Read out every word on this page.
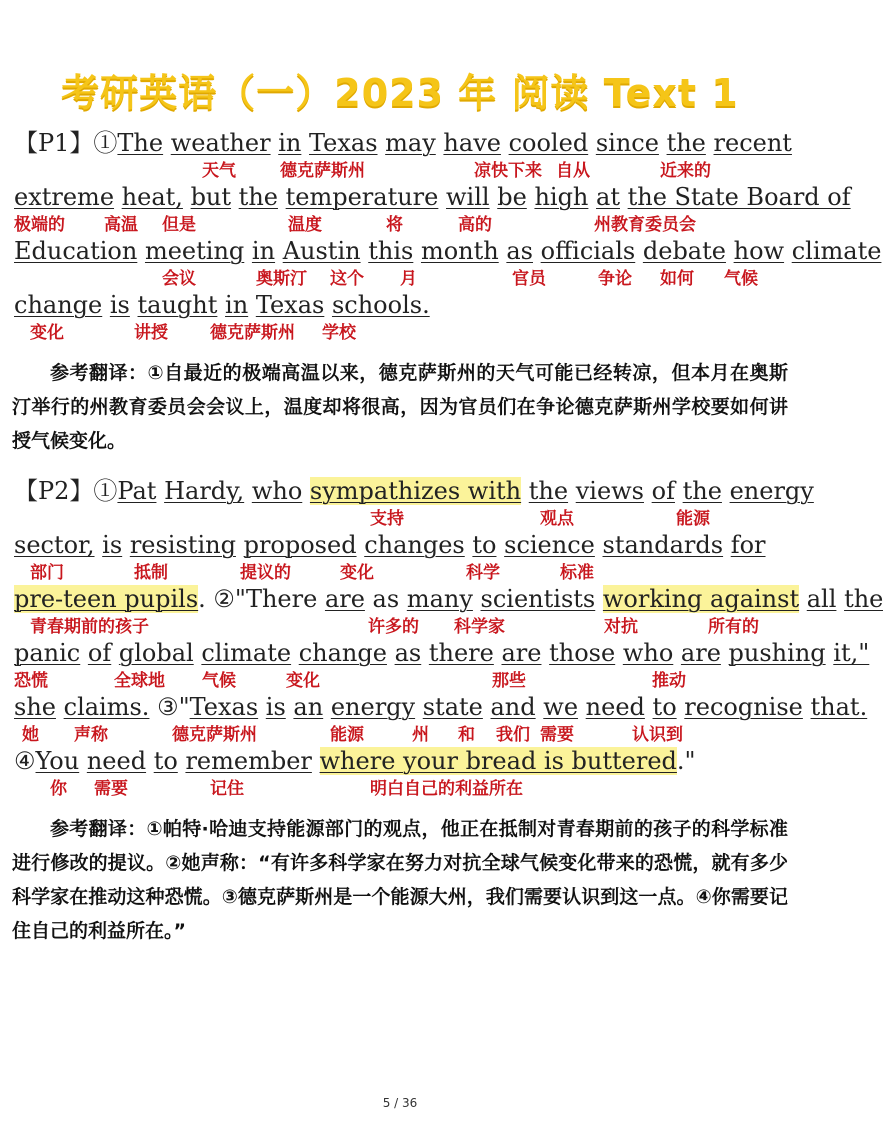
考研英语（一）2023 年 阅读 Text 1
【P1】①The weather in Texas may have cooled since the recent
天气	德克萨斯州	凉快下来 自从	近来的
extreme heat, but the temperature will be high at the State Board of
极端的 高温 但是	温度	将	高的	州教育委员会
Education meeting in Austin this month as officials debate how climate
会议	奥斯汀 这个 月	官员	争论 如何 气候
change is taught in Texas schools.
变化	讲授 德克萨斯州 学校

参考翻译：①自最近的极端高温以来，德克萨斯州的天气可能已经转凉，但本月在奥斯汀举行的州教育委员会会议上，温度却将很高，因为官员们在争论德克萨斯州学校要如何讲授气候变化。

【P2】①Pat Hardy, who sympathizes with the views of the energy
支持	观点	能源
sector, is resisting proposed changes to science standards for
部门	抵制	提议的	变化	科学	标准
pre-teen pupils. ②"There are as many scientists working against all the
青春期前的孩子	许多的 科学家	对抗	所有的
panic of global climate change as there are those who are pushing it,"
恐慌	全球地 气候	变化	那些	推动
she claims. ③"Texas is an energy state and we need to recognise that.
她 声称	德克萨斯州	能源	州 和 我们 需要	认识到
④You need to remember where your bread is buttered."
你 需要	记住	明白自己的利益所在

参考翻译：①帕特·哈迪支持能源部门的观点，他正在抵制对青春期前的孩子的科学标准进行修改的提议。②她声称：“有许多科学家在努力对抗全球气候变化带来的恐慌，就有多少科学家在推动这种恐慌。③德克萨斯州是一个能源大州，我们需要认识到这一点。④你需要记住自己的利益所在。”

5 / 36
